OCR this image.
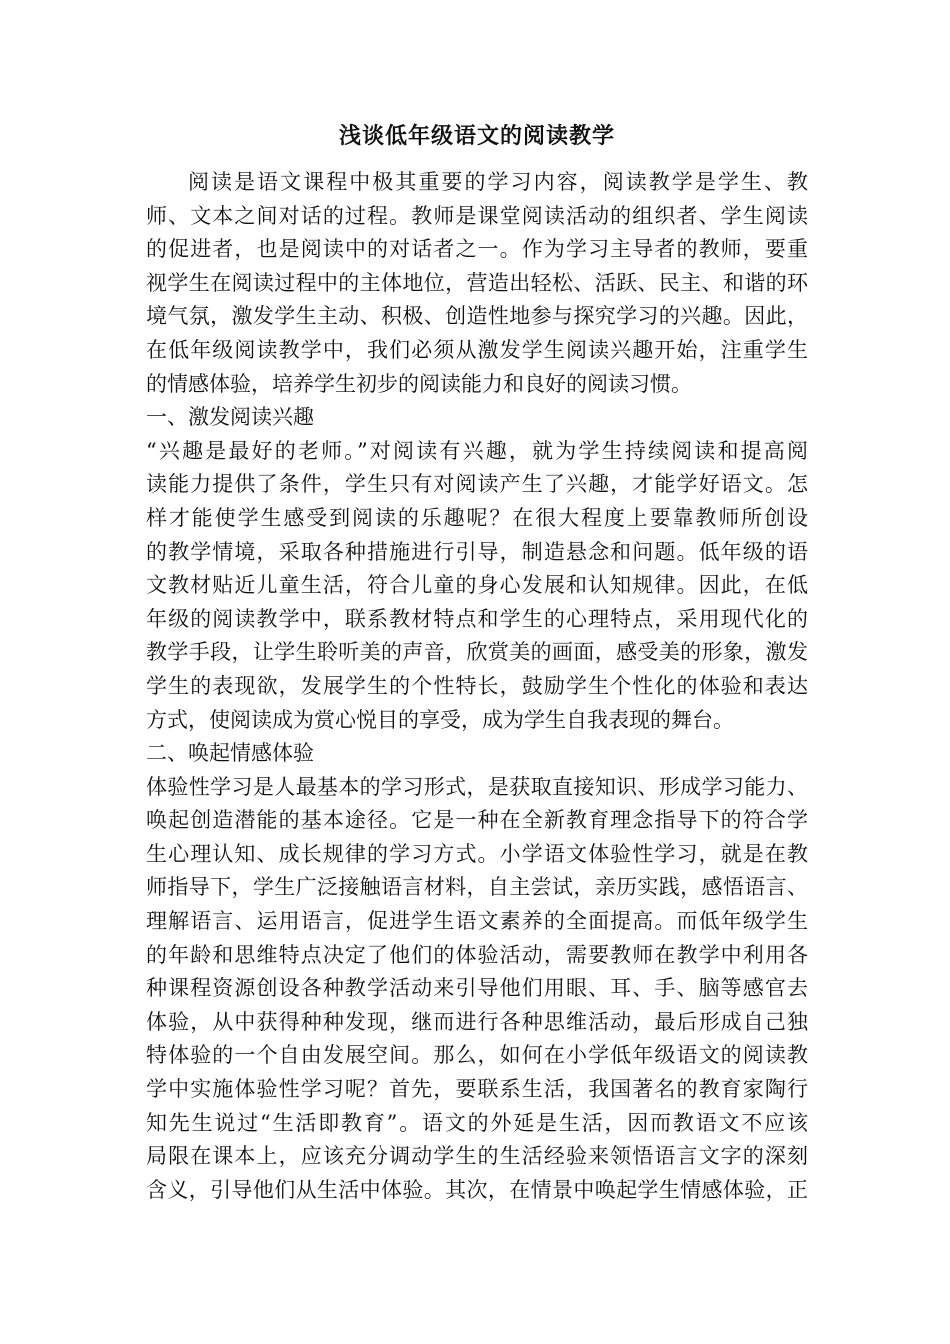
浅谈低年级语文的阅读教学
阅读是语文课程中极其重要的学习内容，阅读教学是学生、教
师、文本之间对话的过程。教师是课堂阅读活动的组织者、学生阅读
的促进者，也是阅读中的对话者之一。作为学习主导者的教师，要重
视学生在阅读过程中的主体地位，营造出轻松、活跃、民主、和谐的环
境气氛，激发学生主动、积极、创造性地参与探究学习的兴趣。因此，
在低年级阅读教学中，我们必须从激发学生阅读兴趣开始，注重学生
的情感体验，培养学生初步的阅读能力和良好的阅读习惯。
一、激发阅读兴趣
“兴趣是最好的老师。”对阅读有兴趣，就为学生持续阅读和提高阅
读能力提供了条件，学生只有对阅读产生了兴趣，才能学好语文。怎
样才能使学生感受到阅读的乐趣呢？在很大程度上要靠教师所创设
的教学情境，采取各种措施进行引导，制造悬念和问题。低年级的语
文教材贴近儿童生活，符合儿童的身心发展和认知规律。因此，在低
年级的阅读教学中，联系教材特点和学生的心理特点，采用现代化的
教学手段，让学生聆听美的声音，欣赏美的画面，感受美的形象，激发
学生的表现欲，发展学生的个性特长，鼓励学生个性化的体验和表达
方式，使阅读成为赏心悦目的享受，成为学生自我表现的舞台。
二、唤起情感体验
体验性学习是人最基本的学习形式，是获取直接知识、形成学习能力、
唤起创造潜能的基本途径。它是一种在全新教育理念指导下的符合学
生心理认知、成长规律的学习方式。小学语文体验性学习，就是在教
师指导下，学生广泛接触语言材料，自主尝试，亲历实践，感悟语言、
理解语言、运用语言，促进学生语文素养的全面提高。而低年级学生
的年龄和思维特点决定了他们的体验活动，需要教师在教学中利用各
种课程资源创设各种教学活动来引导他们用眼、耳、手、脑等感官去
体验，从中获得种种发现，继而进行各种思维活动，最后形成自己独
特体验的一个自由发展空间。那么，如何在小学低年级语文的阅读教
学中实施体验性学习呢？首先，要联系生活，我国著名的教育家陶行
知先生说过“生活即教育”。语文的外延是生活，因而教语文不应该
局限在课本上，应该充分调动学生的生活经验来领悟语言文字的深刻
含义，引导他们从生活中体验。其次，在情景中唤起学生情感体验，正
